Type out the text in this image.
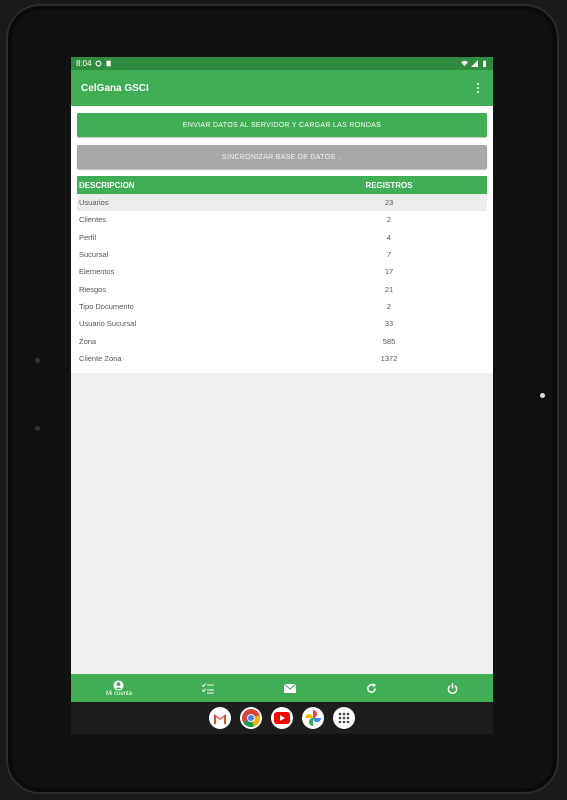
8:04
CelGana GSCI
ENVIAR DATOS AL SERVIDOR Y CARGAR LAS RONDAS
SINCRONIZAR BASE DE DATOS ..
DESCRIPCION	REGISTROS
Usuarios	23
Clientes	2
Perfil	4
Sucursal	7
Elementos	17
Riesgos	21
Tipo Documento	2
Usuario Sucursal	33
Zona	585
Cliente Zona	1372
Mi cuenta
